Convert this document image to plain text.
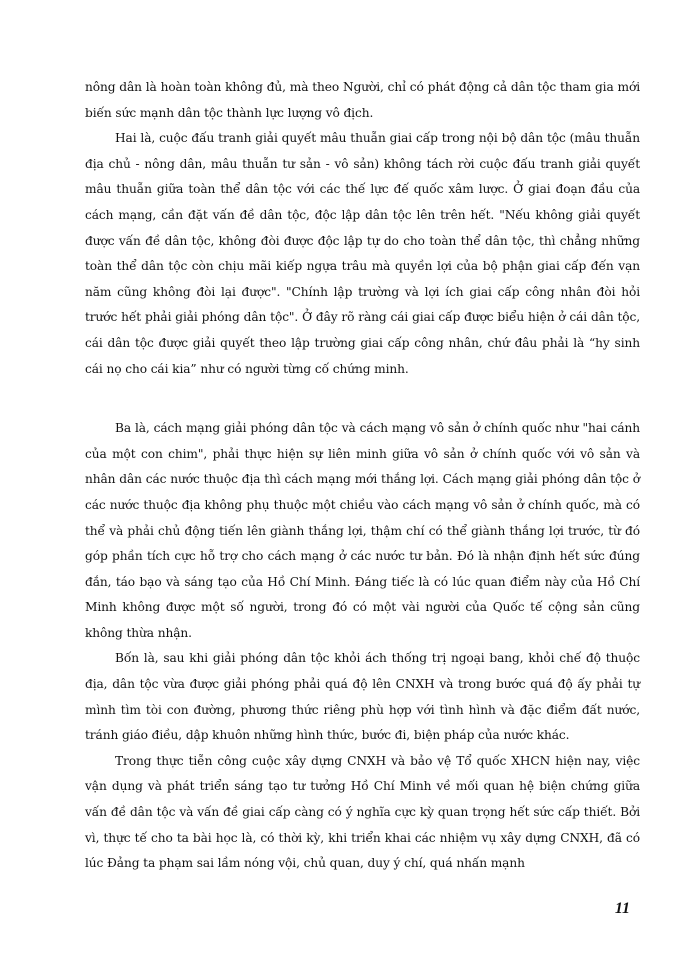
nông dân là hoàn toàn không đủ, mà theo Người, chỉ có phát động cả dân tộc tham gia mới biến sức mạnh dân tộc thành lực lượng vô địch.

Hai là, cuộc đấu tranh giải quyết mâu thuẫn giai cấp trong nội bộ dân tộc (mâu thuẫn địa chủ - nông dân, mâu thuẫn tư sản - vô sản) không tách rời cuộc đấu tranh giải quyết mâu thuẫn giữa toàn thể dân tộc với các thế lực đế quốc xâm lược. Ở giai đoạn đầu của cách mạng, cần đặt vấn đề dân tộc, độc lập dân tộc lên trên hết. "Nếu không giải quyết được vấn đề dân tộc, không đòi được độc lập tự do cho toàn thể dân tộc, thì chẳng những toàn thể dân tộc còn chịu mãi kiếp ngựa trâu mà quyền lợi của bộ phận giai cấp đến vạn năm cũng không đòi lại được". "Chính lập trường và lợi ích giai cấp công nhân đòi hỏi trước hết phải giải phóng dân tộc". Ở đây rõ ràng cái giai cấp được biểu hiện ở cái dân tộc, cái dân tộc được giải quyết theo lập trường giai cấp công nhân, chứ đâu phải là “hy sinh cái nọ cho cái kia” như có người từng cố chứng minh.

Ba là, cách mạng giải phóng dân tộc và cách mạng vô sản ở chính quốc như "hai cánh của một con chim", phải thực hiện sự liên minh giữa vô sản ở chính quốc với vô sản và nhân dân các nước thuộc địa thì cách mạng mới thắng lợi. Cách mạng giải phóng dân tộc ở các nước thuộc địa không phụ thuộc một chiều vào cách mạng vô sản ở chính quốc, mà có thể và phải chủ động tiến lên giành thắng lợi, thậm chí có thể giành thắng lợi trước, từ đó góp phần tích cực hỗ trợ cho cách mạng ở các nước tư bản. Đó là nhận định hết sức đúng đắn, táo bạo và sáng tạo của Hồ Chí Minh. Đáng tiếc là có lúc quan điểm này của Hồ Chí Minh không được một số người, trong đó có một vài người của Quốc tế cộng sản cũng không thừa nhận.

Bốn là, sau khi giải phóng dân tộc khỏi ách thống trị ngoại bang, khỏi chế độ thuộc địa, dân tộc vừa được giải phóng phải quá độ lên CNXH và trong bước quá độ ấy phải tự mình tìm tòi con đường, phương thức riêng phù hợp với tình hình và đặc điểm đất nước, tránh giáo điều, dập khuôn những hình thức, bước đi, biện pháp của nước khác.

Trong thực tiễn công cuộc xây dựng CNXH và bảo vệ Tổ quốc XHCN hiện nay, việc vận dụng và phát triển sáng tạo tư tưởng Hồ Chí Minh về mối quan hệ biện chứng giữa vấn đề dân tộc và vấn đề giai cấp càng có ý nghĩa cực kỳ quan trọng hết sức cấp thiết. Bởi vì, thực tế cho ta bài học là, có thời kỳ, khi triển khai các nhiệm vụ xây dựng CNXH, đã có lúc Đảng ta phạm sai lầm nóng vội, chủ quan, duy ý chí, quá nhấn mạnh

11
